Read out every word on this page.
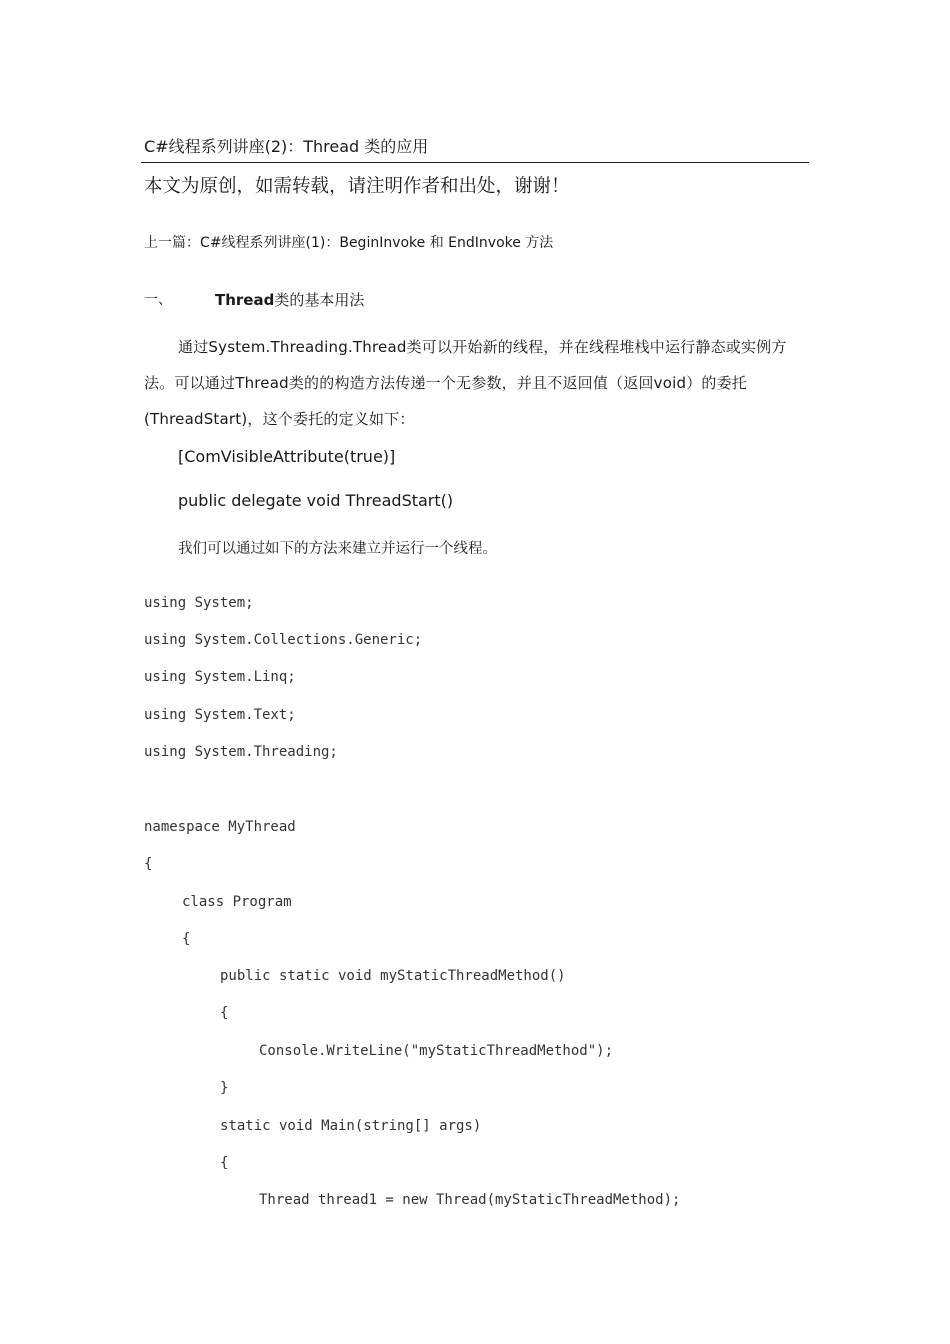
C#线程系列讲座(2)：Thread 类的应用
本文为原创，如需转载，请注明作者和出处，谢谢！
上一篇：C#线程系列讲座(1)：BeginInvoke 和 EndInvoke 方法
一、	Thread类的基本用法
通过System.Threading.Thread类可以开始新的线程，并在线程堆栈中运行静态或实例方法。可以通过Thread类的的构造方法传递一个无参数，并且不返回值（返回void）的委托(ThreadStart)，这个委托的定义如下：
[ComVisibleAttribute(true)]
public delegate void ThreadStart()
我们可以通过如下的方法来建立并运行一个线程。
using System;
using System.Collections.Generic;
using System.Linq;
using System.Text;
using System.Threading;
namespace MyThread
{
class Program
{
public static void myStaticThreadMethod()
{
Console.WriteLine("myStaticThreadMethod");
}
static void Main(string[] args)
{
Thread thread1 = new Thread(myStaticThreadMethod);
